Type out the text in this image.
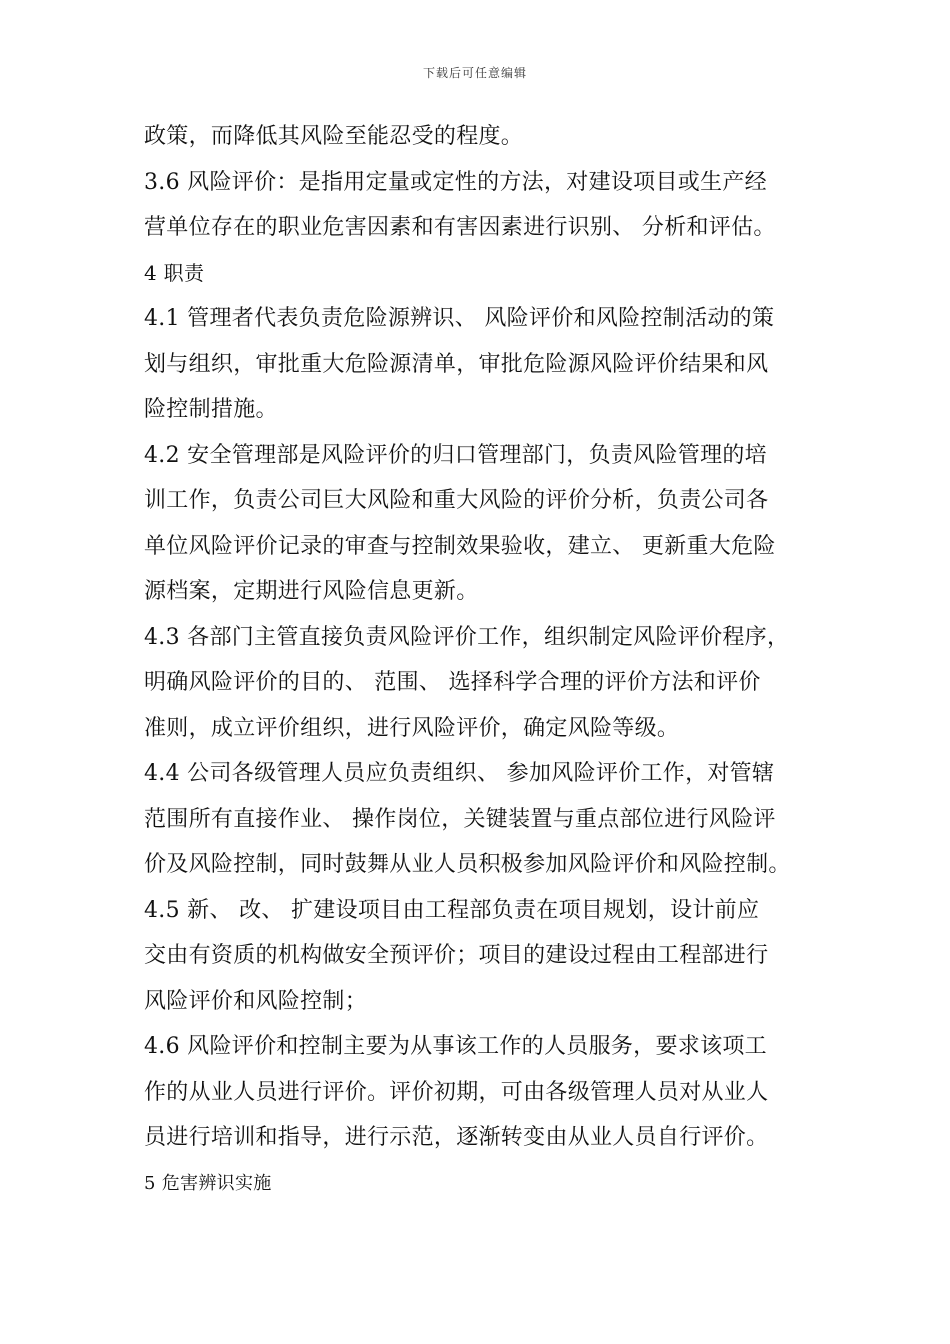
下载后可任意编辑
政策，而降低其风险至能忍受的程度。
3.6 风险评价：是指用定量或定性的方法，对建设项目或生产经
营单位存在的职业危害因素和有害因素进行识别、 分析和评估。
4 职责
4.1 管理者代表负责危险源辨识、 风险评价和风险控制活动的策
划与组织，审批重大危险源清单，审批危险源风险评价结果和风
险控制措施。
4.2 安全管理部是风险评价的归口管理部门，负责风险管理的培
训工作，负责公司巨大风险和重大风险的评价分析，负责公司各
单位风险评价记录的审查与控制效果验收，建立、 更新重大危险
源档案，定期进行风险信息更新。
4.3 各部门主管直接负责风险评价工作，组织制定风险评价程序，
明确风险评价的目的、 范围、 选择科学合理的评价方法和评价
准则，成立评价组织，进行风险评价，确定风险等级。
4.4 公司各级管理人员应负责组织、 参加风险评价工作，对管辖
范围所有直接作业、 操作岗位，关键装置与重点部位进行风险评
价及风险控制，同时鼓舞从业人员积极参加风险评价和风险控制。
4.5 新、 改、 扩建设项目由工程部负责在项目规划，设计前应
交由有资质的机构做安全预评价；项目的建设过程由工程部进行
风险评价和风险控制；
4.6 风险评价和控制主要为从事该工作的人员服务，要求该项工
作的从业人员进行评价。评价初期，可由各级管理人员对从业人
员进行培训和指导，进行示范，逐渐转变由从业人员自行评价。
5 危害辨识实施
